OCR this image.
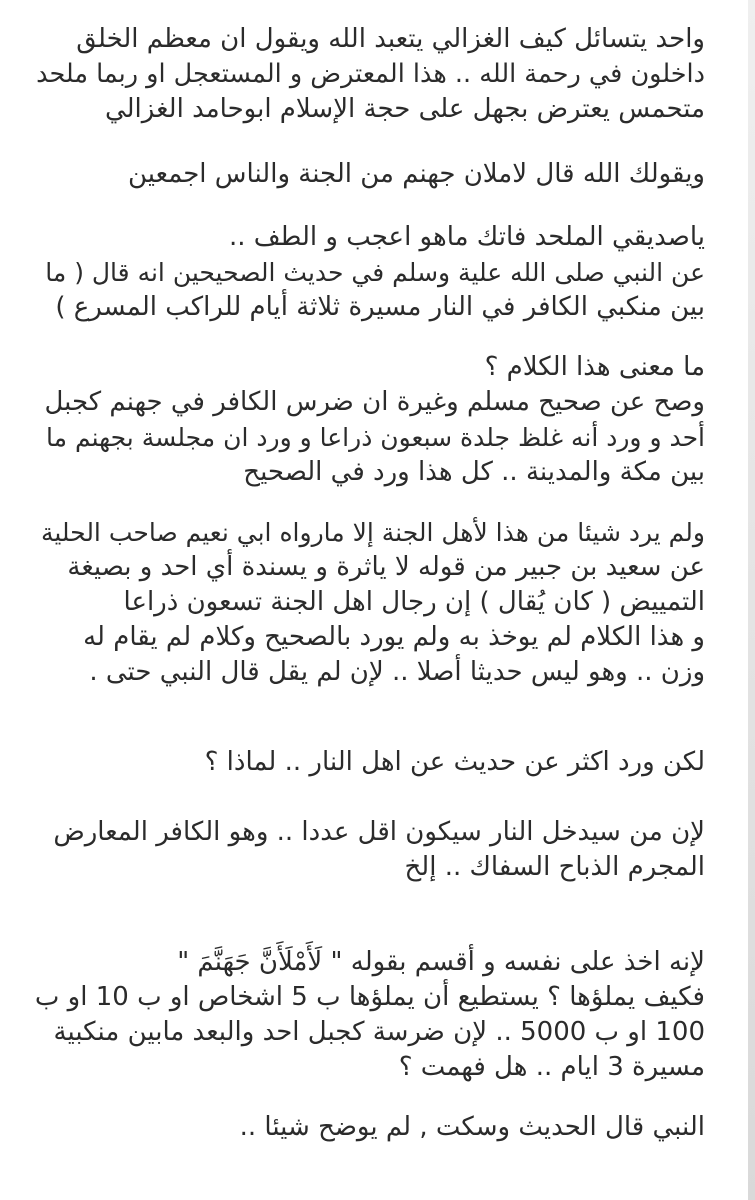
واحد يتسائل كيف الغزالي يتعبد الله ويقول ان معظم الخلق
داخلون في رحمة الله .. هذا المعترض و المستعجل او ربما ملحد
متحمس يعترض بجهل على حجة الإسلام ابوحامد الغزالي
ويقولك الله قال لاملان جهنم من الجنة والناس اجمعين
ياصديقي الملحد فاتك ماهو اعجب و الطف ..
عن النبي صلى الله علية وسلم في حديث الصحيحين انه قال ( ما
بين منكبي الكافر في النار مسيرة ثلاثة أيام للراكب المسرع )
ما معنى هذا الكلام ؟
وصح عن صحيح مسلم وغيرة ان ضرس الكافر في جهنم كجبل
أحد و ورد أنه غلظ جلدة سبعون ذراعا و ورد ان مجلسة بجهنم ما
بين مكة والمدينة .. كل هذا ورد في الصحيح
ولم يرد شيئا من هذا لأهل الجنة إلا مارواه ابي نعيم صاحب الحلية
عن سعيد بن جبير من قوله لا ياثرة و يسندة أي احد و بصيغة
التمييض ( كان يُقال ) إن رجال اهل الجنة تسعون ذراعا
و هذا الكلام لم يوخذ به ولم يورد بالصحيح وكلام لم يقام له
وزن .. وهو ليس حديثا أصلا .. لإن لم يقل قال النبي حتى .
لكن ورد اكثر عن حديث عن اهل النار .. لماذا ؟
لإن من سيدخل النار سيكون اقل عددا .. وهو الكافر المعارض
المجرم الذباح السفاك .. إلخ
لإنه اخذ على نفسه و أقسم بقوله " لَأَمْلَأَنَّ جَهَنَّمَ "
فكيف يملؤها ؟ يستطيع أن يملؤها ب 5 اشخاص او ب 10 او ب
100 او ب 5000 .. لإن ضرسة كجبل احد والبعد مابين منكبية
مسيرة 3 ايام .. هل فهمت ؟
النبي قال الحديث وسكت , لم يوضح شيئا ..
